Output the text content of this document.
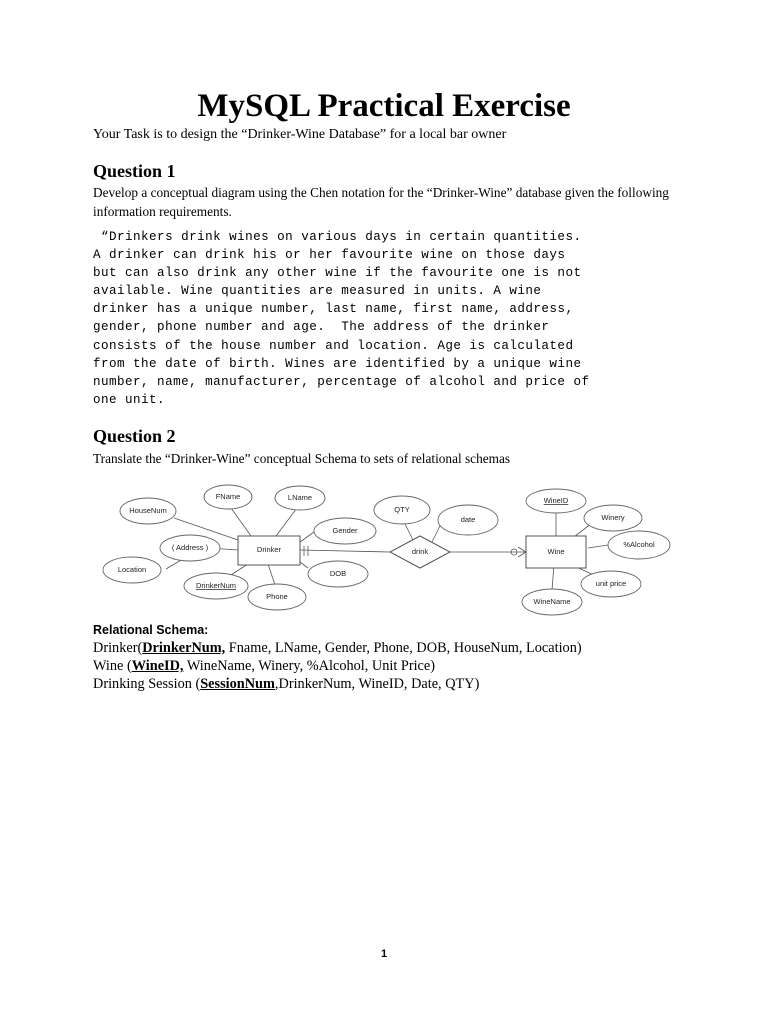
MySQL Practical Exercise
Your Task is to design the “Drinker-Wine Database” for a local bar owner
Question 1
Develop a conceptual diagram using the Chen notation for the “Drinker-Wine” database given the following information requirements.
“Drinkers drink wines on various days in certain quantities.
A drinker can drink his or her favourite wine on those days
but can also drink any other wine if the favourite one is not
available. Wine quantities are measured in units. A wine
drinker has a unique number, last name, first name, address,
gender, phone number and age.  The address of the drinker
consists of the house number and location. Age is calculated
from the date of birth. Wines are identified by a unique wine
number, name, manufacturer, percentage of alcohol and price of
one unit.
Question 2
Translate the “Drinker-Wine” conceptual Schema to sets of relational schemas
Drinker	Wine
drink
HouseNum
FName	LName
( Address )
Gender
Location
DrinkerNum
DOB
Phone
QTY
date
WineID
Winery
%Alcohol
unit price
WineName
Relational Schema:
Drinker(DrinkerNum, Fname, LName, Gender, Phone, DOB, HouseNum, Location)
Wine (WineID, WineName, Winery, %Alcohol, Unit Price)
Drinking Session (SessionNum,DrinkerNum, WineID, Date, QTY)
1
